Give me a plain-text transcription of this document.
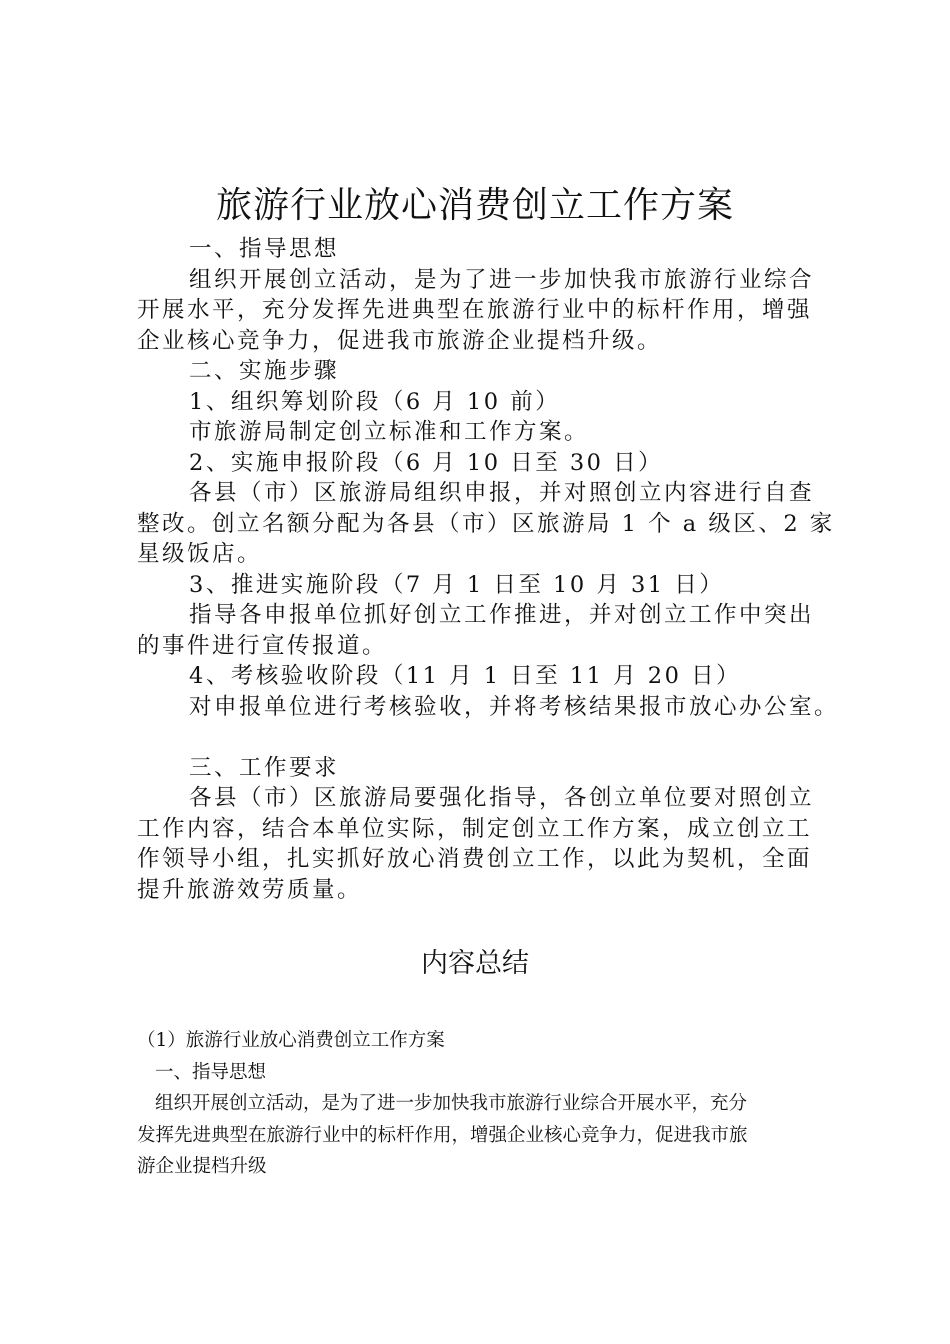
旅游行业放心消费创立工作方案

一、指导思想

组织开展创立活动，是为了进一步加快我市旅游行业综合

开展水平，充分发挥先进典型在旅游行业中的标杆作用，增强

企业核心竞争力，促进我市旅游企业提档升级。

二、实施步骤

1、组织筹划阶段（6 月 10 前）

市旅游局制定创立标准和工作方案。

2、实施申报阶段（6 月 10 日至 30 日）

各县（市）区旅游局组织申报，并对照创立内容进行自查

整改。创立名额分配为各县（市）区旅游局 1 个 a 级区、2 家

星级饭店。

3、推进实施阶段（7 月 1 日至 10 月 31 日）

指导各申报单位抓好创立工作推进，并对创立工作中突出

的事件进行宣传报道。

4、考核验收阶段（11 月 1 日至 11 月 20 日）

对申报单位进行考核验收，并将考核结果报市放心办公室。

三、工作要求

各县（市）区旅游局要强化指导，各创立单位要对照创立

工作内容，结合本单位实际，制定创立工作方案，成立创立工

作领导小组，扎实抓好放心消费创立工作，以此为契机，全面

提升旅游效劳质量。

内容总结

（1）旅游行业放心消费创立工作方案

一、指导思想

组织开展创立活动，是为了进一步加快我市旅游行业综合开展水平，充分

发挥先进典型在旅游行业中的标杆作用，增强企业核心竞争力，促进我市旅

游企业提档升级
